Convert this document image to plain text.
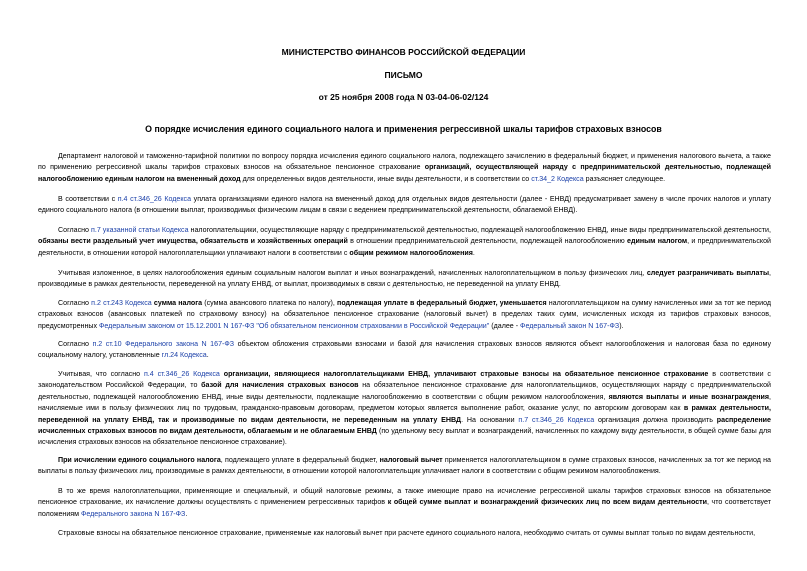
МИНИСТЕРСТВО ФИНАНСОВ РОССИЙСКОЙ ФЕДЕРАЦИИ
ПИСЬМО
от 25 ноября 2008 года N 03-04-06-02/124
О порядке исчисления единого социального налога и применения регрессивной шкалы тарифов страховых взносов
Департамент налоговой и таможенно-тарифной политики по вопросу порядка исчисления единого социального налога, подлежащего зачислению в федеральный бюджет, и применения налогового вычета, а также по применению регрессивной шкалы тарифов страховых взносов на обязательное пенсионное страхование организаций, осуществляющей наряду с предпринимательской деятельностью, подлежащей налогообложению единым налогом на вмененный доход для определенных видов деятельности, иные виды деятельности, и в соответствии со ст.34_2 Кодекса разъясняет следующее.
В соответствии с п.4 ст.346_26 Кодекса уплата организациями единого налога на вмененный доход для отдельных видов деятельности (далее - ЕНВД) предусматривает замену в числе прочих налогов и уплату единого социального налога (в отношении выплат, производимых физическим лицам в связи с ведением предпринимательской деятельности, облагаемой ЕНВД).
Согласно п.7 указанной статьи Кодекса налогоплательщики, осуществляющие наряду с предпринимательской деятельностью, подлежащей налогообложению ЕНВД, иные виды предпринимательской деятельности, обязаны вести раздельный учет имущества, обязательств и хозяйственных операций в отношении предпринимательской деятельности, подлежащей налогообложению единым налогом, и предпринимательской деятельности, в отношении которой налогоплательщики уплачивают налоги в соответствии с общим режимом налогообложения.
Учитывая изложенное, в целях налогообложения единым социальным налогом выплат и иных вознаграждений, начисленных налогоплательщиком в пользу физических лиц, следует разграничивать выплаты, производимые в рамках деятельности, переведенной на уплату ЕНВД, от выплат, производимых в связи с деятельностью, не переведенной на уплату ЕНВД.
Согласно п.2 ст.243 Кодекса сумма налога (сумма авансового платежа по налогу), подлежащая уплате в федеральный бюджет, уменьшается налогоплательщиком на сумму начисленных ими за тот же период страховых взносов (авансовых платежей по страховому взносу) на обязательное пенсионное страхование (налоговый вычет) в пределах таких сумм, исчисленных исходя из тарифов страховых взносов, предусмотренных Федеральным законом от 15.12.2001 N 167-ФЗ "Об обязательном пенсионном страховании в Российской Федерации" (далее - Федеральный закон N 167-ФЗ).
Согласно п.2 ст.10 Федерального закона N 167-ФЗ объектом обложения страховыми взносами и базой для начисления страховых взносов являются объект налогообложения и налоговая база по единому социальному налогу, установленные гл.24 Кодекса.
Учитывая, что согласно п.4 ст.346_26 Кодекса организации, являющиеся налогоплательщиками ЕНВД, уплачивают страховые взносы на обязательное пенсионное страхование в соответствии с законодательством Российской Федерации, то базой для начисления страховых взносов на обязательное пенсионное страхование для налогоплательщиков, осуществляющих наряду с предпринимательской деятельностью, подлежащей налогообложению ЕНВД, иные виды деятельности, подлежащие налогообложению в соответствии с общим режимом налогообложения, являются выплаты и иные вознаграждения, начисляемые ими в пользу физических лиц по трудовым, гражданско-правовым договорам, предметом которых является выполнение работ, оказание услуг, по авторским договорам как в рамках деятельности, переведенной на уплату ЕНВД, так и производимые по видам деятельности, не переведенным на уплату ЕНВД. На основании п.7 ст.346_26 Кодекса организация должна производить распределение исчисленных страховых взносов по видам деятельности, облагаемым и не облагаемым ЕНВД (по удельному весу выплат и вознаграждений, начисленных по каждому виду деятельности, в общей сумме базы для исчисления страховых взносов на обязательное пенсионное страхование).
При исчислении единого социального налога, подлежащего уплате в федеральный бюджет, налоговый вычет применяется налогоплательщиком в сумме страховых взносов, начисленных за тот же период на выплаты в пользу физических лиц, производимые в рамках деятельности, в отношении которой налогоплательщик уплачивает налоги в соответствии с общим режимом налогообложения.
В то же время налогоплательщики, применяющие и специальный, и общий налоговые режимы, а также имеющие право на исчисление регрессивной шкалы тарифов страховых взносов на обязательное пенсионное страхование, их начисление должны осуществлять с применением регрессивных тарифов к общей сумме выплат и вознаграждений физических лиц по всем видам деятельности, что соответствует положениям Федерального закона N 167-ФЗ.
Страховые взносы на обязательное пенсионное страхование, применяемые как налоговый вычет при расчете единого социального налога, необходимо считать от суммы выплат только по видам деятельности,
